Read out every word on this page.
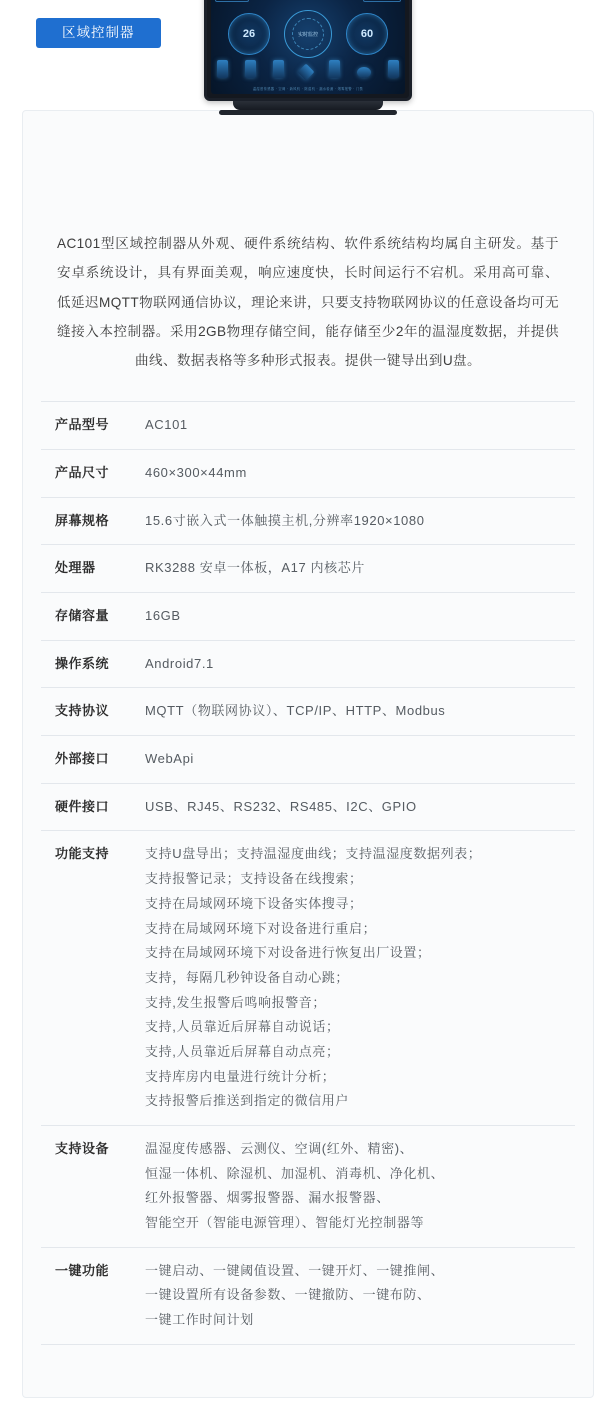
区域控制器	26	实时监控	60
温湿度传感器 · 空调 · 新风机 · 除湿机 · 漏水检测 · 烟雾报警 · 门禁
AC101型区域控制器从外观、硬件系统结构、软件系统结构均属自主研发。基于安卓系统设计，具有界面美观，响应速度快，长时间运行不宕机。采用高可靠、低延迟MQTT物联网通信协议，理论来讲，只要支持物联网协议的任意设备均可无缝接入本控制器。采用2GB物理存储空间，能存储至少2年的温湿度数据，并提供曲线、数据表格等多种形式报表。提供一键导出到U盘。
产品型号	AC101
产品尺寸	460×300×44mm
屏幕规格	15.6寸嵌入式一体触摸主机,分辨率1920×1080
处理器	RK3288 安卓一体板，A17 内核芯片
存储容量	16GB
操作系统	Android7.1
支持协议	MQTT（物联网协议）、TCP/IP、HTTP、Modbus
外部接口	WebApi
硬件接口	USB、RJ45、RS232、RS485、I2C、GPIO
功能支持	支持U盘导出；支持温湿度曲线；支持温湿度数据列表；
支持报警记录；支持设备在线搜索；
支持在局域网环境下设备实体搜寻；
支持在局域网环境下对设备进行重启；
支持在局域网环境下对设备进行恢复出厂设置；
支持，每隔几秒钟设备自动心跳；
支持,发生报警后鸣响报警音；
支持,人员靠近后屏幕自动说话；
支持,人员靠近后屏幕自动点亮；
支持库房内电量进行统计分析；
支持报警后推送到指定的微信用户
支持设备	温湿度传感器、云测仪、空调(红外、精密)、
恒湿一体机、除湿机、加湿机、消毒机、净化机、
红外报警器、烟雾报警器、漏水报警器、
智能空开（智能电源管理）、智能灯光控制器等
一键功能	一键启动、一键阈值设置、一键开灯、一键推闸、
一键设置所有设备参数、一键撤防、一键布防、
一键工作时间计划
